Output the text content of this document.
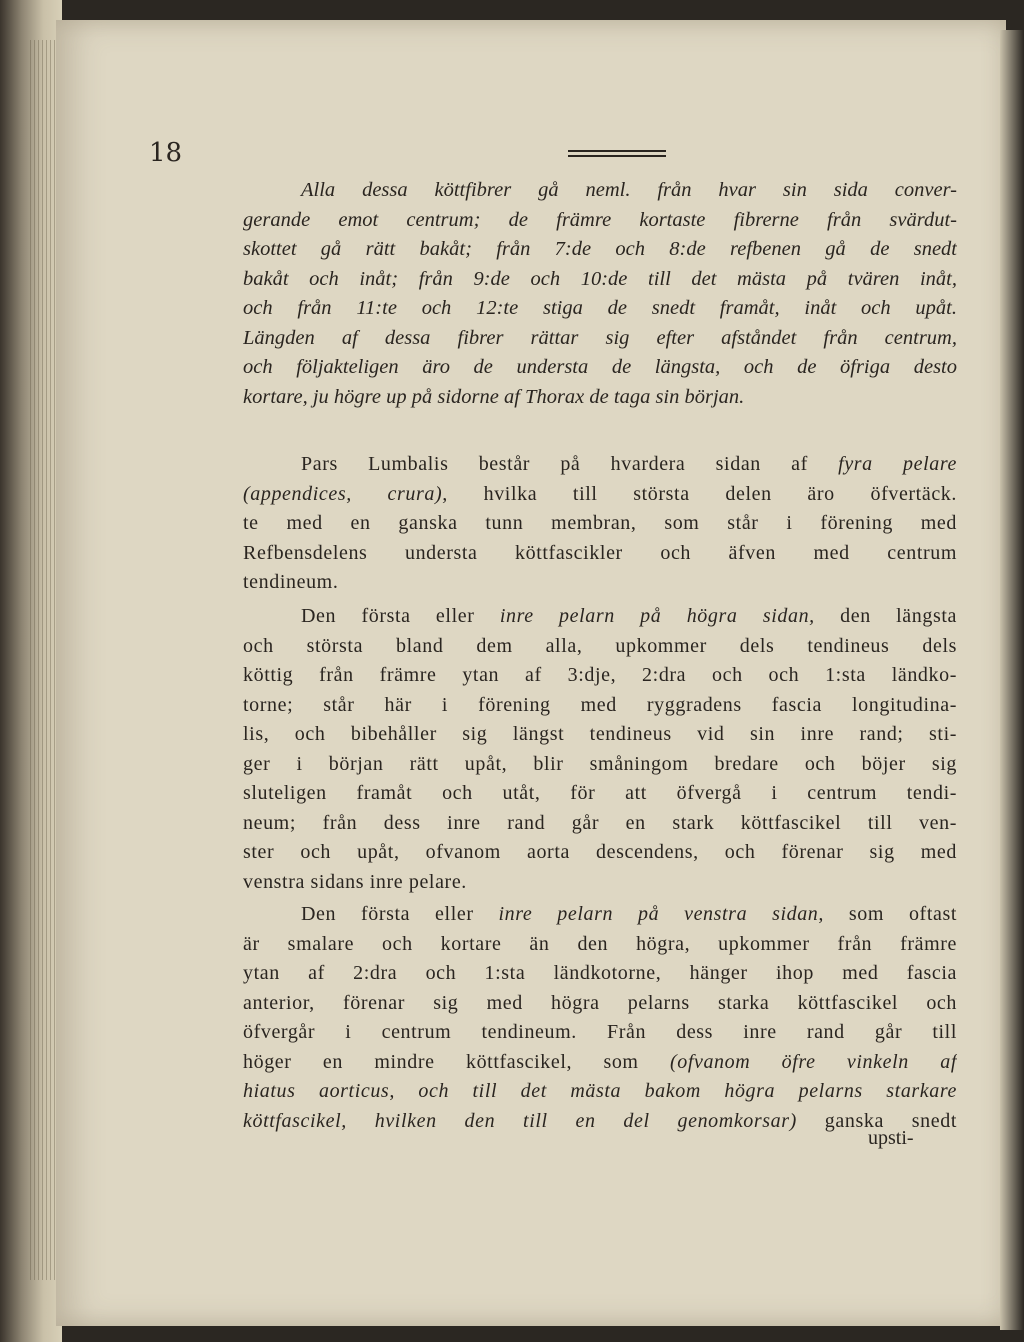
18
Alla dessa köttfibrer gå neml. från hvar sin sida conver-
gerande emot centrum; de främre kortaste fibrerne från svärdut-
skottet gå rätt bakåt; från 7:de och 8:de refbenen gå de snedt
bakåt och inåt; från 9:de och 10:de till det mästa på tvären inåt,
och från 11:te och 12:te stiga de snedt framåt, inåt och upåt.
Längden af dessa fibrer rättar sig efter afståndet från centrum,
och följakteligen äro de understa de längsta, och de öfriga desto
kortare, ju högre up på sidorne af Thorax de taga sin början.
Pars Lumbalis består på hvardera sidan af fyra pelare
(appendices, crura), hvilka till största delen äro öfvertäck.
te med en ganska tunn membran, som står i förening med
Refbensdelens understa köttfascikler och äfven med centrum
tendineum.
Den första eller inre pelarn på högra sidan, den längsta
och största bland dem alla, upkommer dels tendineus dels
köttig från främre ytan af 3:dje, 2:dra och och 1:sta ländko-
torne; står här i förening med ryggradens fascia longitudina-
lis, och bibehåller sig längst tendineus vid sin inre rand; sti-
ger i början rätt upåt, blir småningom bredare och böjer sig
sluteligen framåt och utåt, för att öfvergå i centrum tendi-
neum; från dess inre rand går en stark köttfascikel till ven-
ster och upåt, ofvanom aorta descendens, och förenar sig med
venstra sidans inre pelare.
Den första eller inre pelarn på venstra sidan, som oftast
är smalare och kortare än den högra, upkommer från främre
ytan af 2:dra och 1:sta ländkotorne, hänger ihop med fascia
anterior, förenar sig med högra pelarns starka köttfascikel och
öfvergår i centrum tendineum. Från dess inre rand går till
höger en mindre köttfascikel, som (ofvanom öfre vinkeln af
hiatus aorticus, och till det mästa bakom högra pelarns starkare
köttfascikel, hvilken den till en del genomkorsar) ganska snedt
upsti-
